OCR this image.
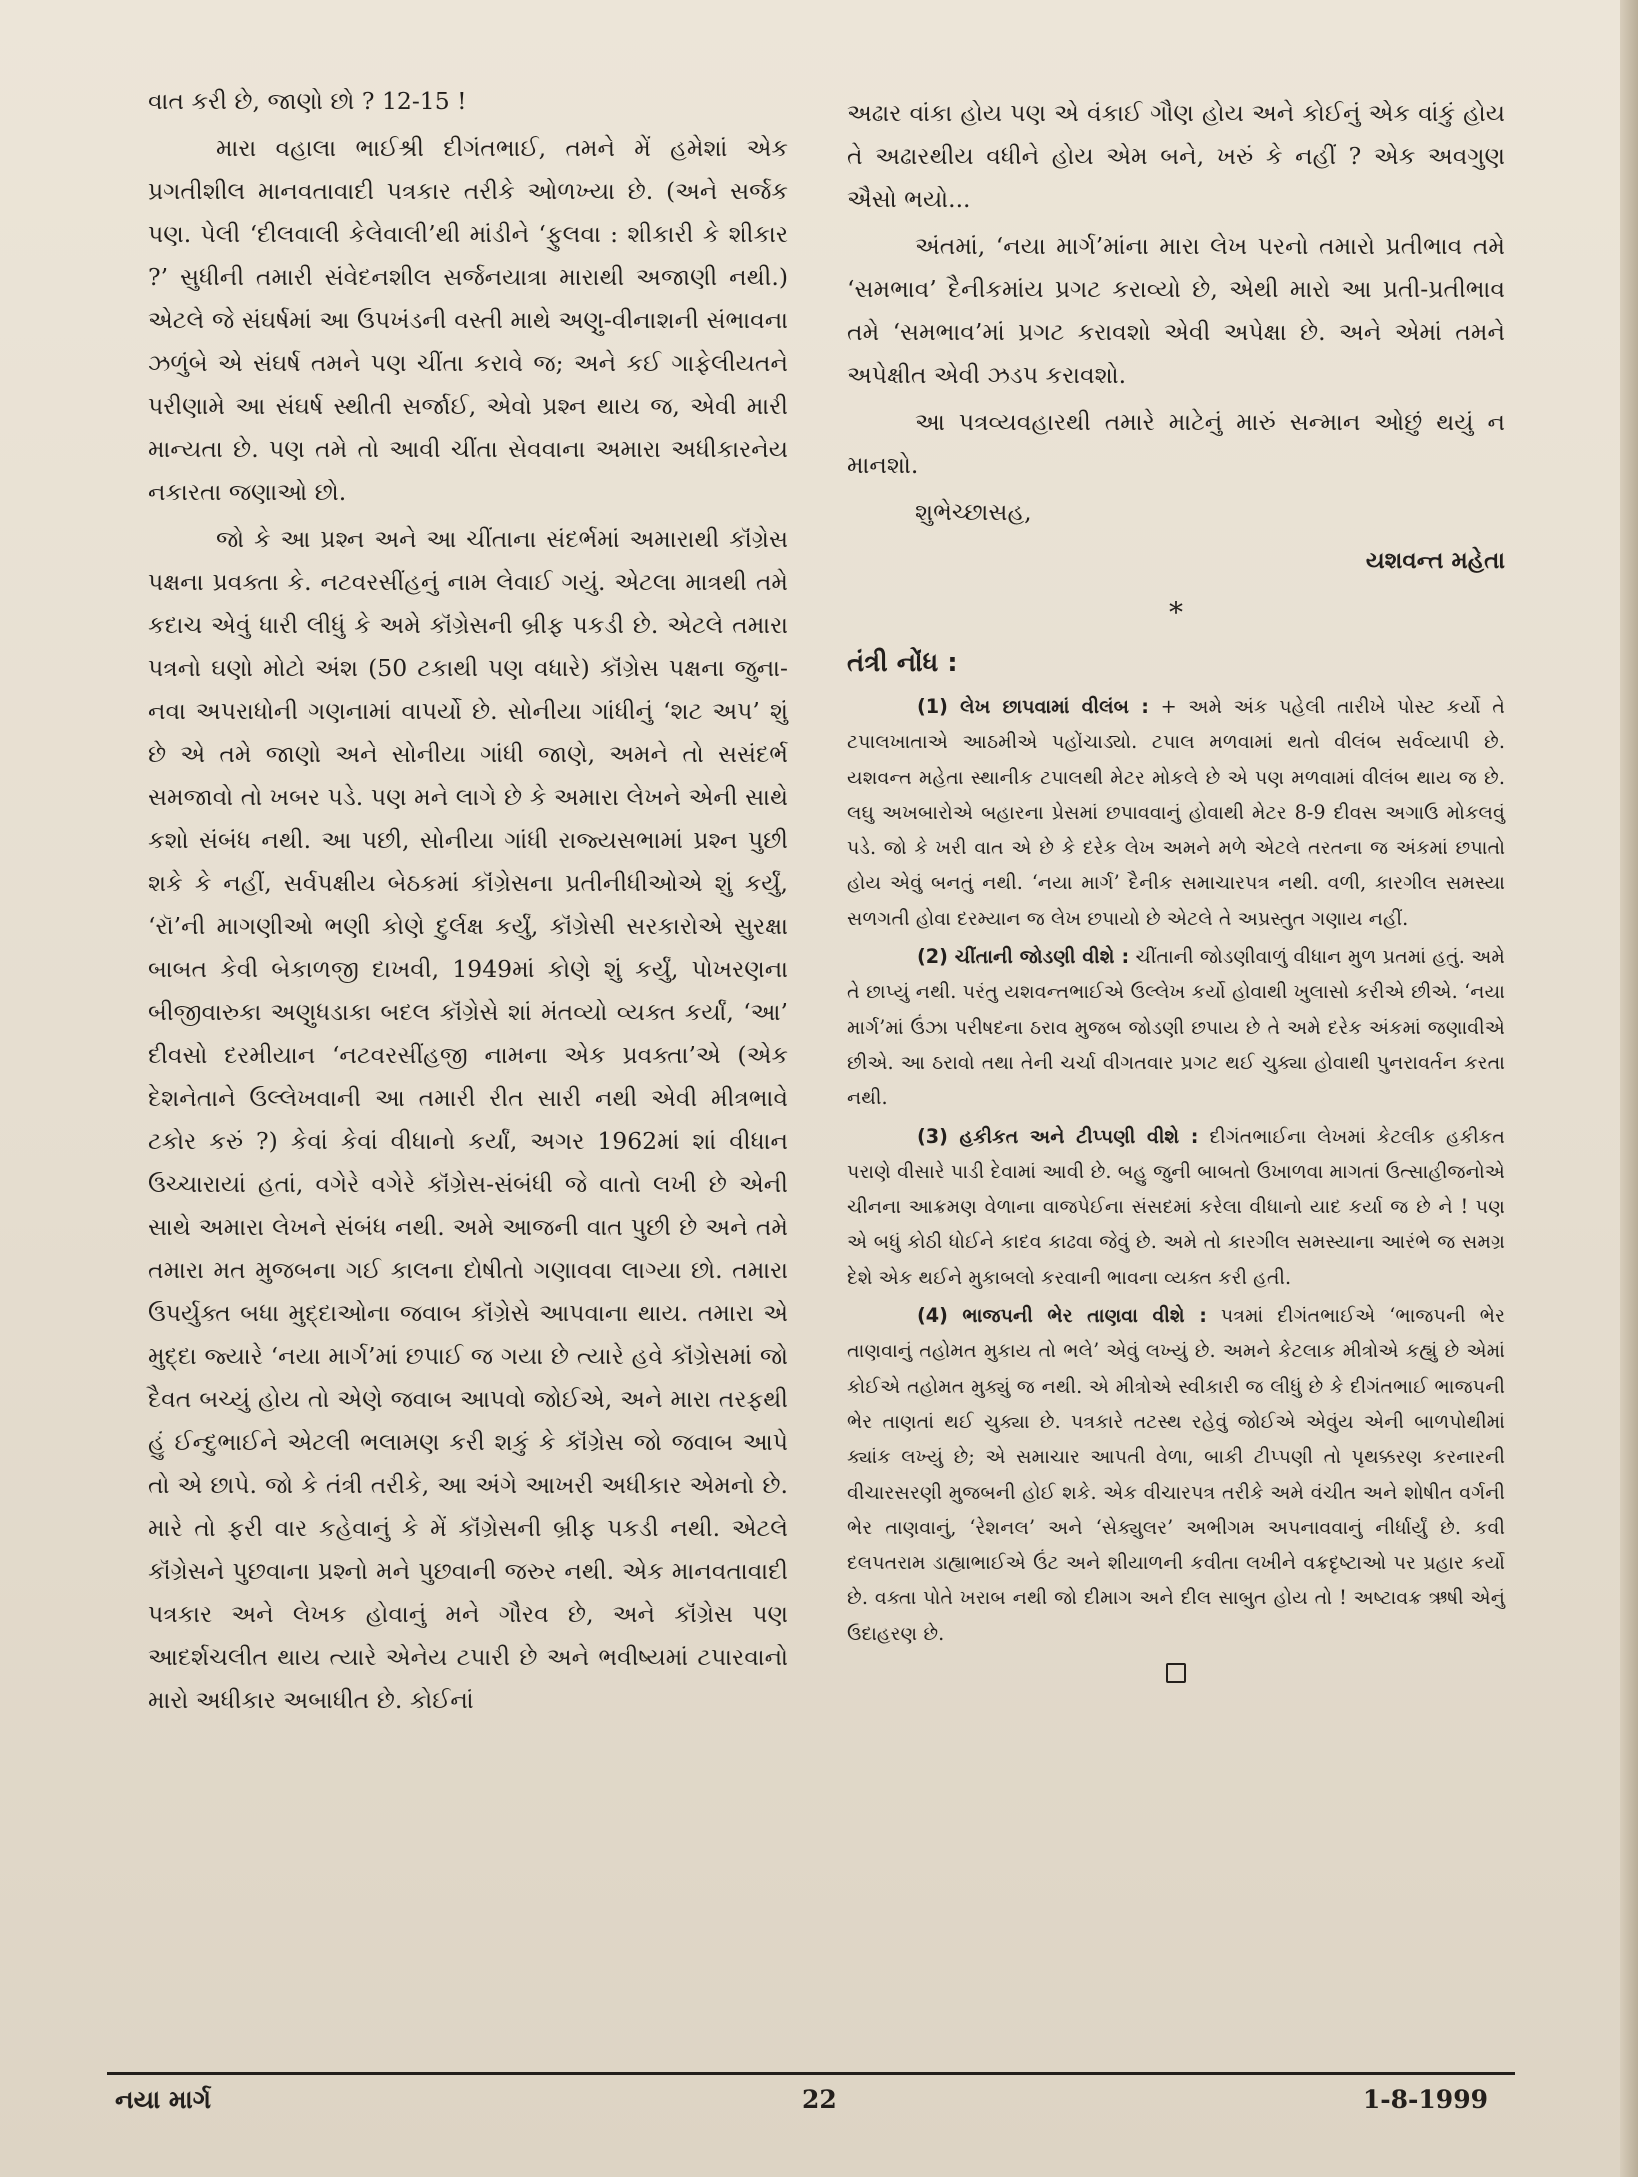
વાત કરી છે, જાણો છો ? 12-15 !

મારા વહાલા ભાઈશ્રી દીગંતભાઈ, તમને મેં હમેશાં એક પ્રગતીશીલ માનવતાવાદી પત્રકાર તરીકે ઓળખ્યા છે. (અને સર્જક પણ. પેલી ‘દીલવાલી કેલેવાલી’થી માંડીને ‘ફુલવા : શીકારી કે શીકાર ?’ સુધીની તમારી સંવેદનશીલ સર્જનયાત્રા મારાથી અજાણી નથી.) એટલે જે સંઘર્ષમાં આ ઉપખંડની વસ્તી માથે અણુ-વીનાશની સંભાવના ઝળુંબે એ સંઘર્ષ તમને પણ ચીંતા કરાવે જ; અને કઈ ગાફેલીયતને પરીણામે આ સંઘર્ષ સ્થીતી સર્જાઈ, એવો પ્રશ્ન થાય જ, એવી મારી માન્યતા છે. પણ તમે તો આવી ચીંતા સેવવાના અમારા અધીકારનેય નકારતા જણાઓ છો.

જો કે આ પ્રશ્ન અને આ ચીંતાના સંદર્ભમાં અમારાથી કૉંગ્રેસ પક્ષના પ્રવક્તા કે. નટવરસીંહનું નામ લેવાઈ ગયું. એટલા માત્રથી તમે કદાચ એવું ધારી લીધું કે અમે કૉંગ્રેસની બ્રીફ પકડી છે. એટલે તમારા પત્રનો ઘણો મોટો અંશ (50 ટકાથી પણ વધારે) કૉંગ્રેસ પક્ષના જુના-નવા અપરાધોની ગણનામાં વાપર્યો છે. સોનીયા ગાંધીનું ‘શટ અપ’ શું છે એ તમે જાણો અને સોનીયા ગાંધી જાણે, અમને તો સસંદર્ભ સમજાવો તો ખબર પડે. પણ મને લાગે છે કે અમારા લેખને એની સાથે કશો સંબંધ નથી. આ પછી, સોનીયા ગાંધી રાજ્યસભામાં પ્રશ્ન પુછી શકે કે નહીં, સર્વપક્ષીય બેઠકમાં કૉંગ્રેસના પ્રતીનીધીઓએ શું કર્યું, ‘રૉ’ની માગણીઓ ભણી કોણે દુર્લક્ષ કર્યું, કૉંગ્રેસી સરકારોએ સુરક્ષા બાબત કેવી બેકાળજી દાખવી, 1949માં કોણે શું કર્યું, પોખરણના બીજીવારુકા અણુધડાકા બદલ કૉંગ્રેસે શાં મંતવ્યો વ્યક્ત કર્યાં, ‘આ’ દીવસો દરમીયાન ‘નટવરસીંહજી નામના એક પ્રવક્તા’એ (એક દેશનેતાને ઉલ્લેખવાની આ તમારી રીત સારી નથી એવી મીત્રભાવે ટકોર કરું ?) કેવાં કેવાં વીધાનો કર્યાં, અગર 1962માં શાં વીધાન ઉચ્ચારાયાં હતાં, વગેરે વગેરે કૉંગ્રેસ-સંબંધી જે વાતો લખી છે એની સાથે અમારા લેખને સંબંધ નથી. અમે આજની વાત પુછી છે અને તમે તમારા મત મુજબના ગઈ કાલના દોષીતો ગણાવવા લાગ્યા છો. તમારા ઉપર્યુક્ત બધા મુદ્દાઓના જવાબ કૉંગ્રેસે આપવાના થાય. તમારા એ મુદ્દા જ્યારે ‘નયા માર્ગ’માં છપાઈ જ ગયા છે ત્યારે હવે કૉંગ્રેસમાં જો દૈવત બચ્યું હોય તો એણે જવાબ આપવો જોઈએ, અને મારા તરફથી હું ઈન્દુભાઈને એટલી ભલામણ કરી શકું કે કૉંગ્રેસ જો જવાબ આપે તો એ છાપે. જો કે તંત્રી તરીકે, આ અંગે આખરી અધીકાર એમનો છે. મારે તો ફરી વાર કહેવાનું કે મેં કૉંગ્રેસની બ્રીફ પકડી નથી. એટલે કૉંગ્રેસને પુછવાના પ્રશ્નો મને પુછવાની જરુર નથી. એક માનવતાવાદી પત્રકાર અને લેખક હોવાનું મને ગૌરવ છે, અને કૉંગ્રેસ પણ આદર્શચલીત થાય ત્યારે એનેય ટપારી છે અને ભવીષ્યમાં ટપારવાનો મારો અધીકાર અબાધીત છે. કોઈનાં

અઢાર વાંકા હોય પણ એ વંકાઈ ગૌણ હોય અને કોઈનું એક વાંકું હોય તે અઢારથીય વધીને હોય એમ બને, ખરું કે નહીં ? એક અવગુણ ઐસો ભયો...

અંતમાં, ‘નયા માર્ગ’માંના મારા લેખ પરનો તમારો પ્રતીભાવ તમે ‘સમભાવ’ દૈનીકમાંય પ્રગટ કરાવ્યો છે, એથી મારો આ પ્રતી-પ્રતીભાવ તમે ‘સમભાવ’માં પ્રગટ કરાવશો એવી અપેક્ષા છે. અને એમાં તમને અપેક્ષીત એવી ઝડપ કરાવશો.

આ પત્રવ્યવહારથી તમારે માટેનું મારું સન્માન ઓછું થયું ન માનશો.

શુભેચ્છાસહ,

યશવન્ત મહેતા
*
તંત્રી નોંધ :

(1) લેખ છાપવામાં વીલંબ : + અમે અંક પહેલી તારીખે પોસ્ટ કર્યો તે ટપાલખાતાએ આઠમીએ પહોંચાડ્યો. ટપાલ મળવામાં થતો વીલંબ સર્વવ્યાપી છે. યશવન્ત મહેતા સ્થાનીક ટપાલથી મેટર મોકલે છે એ પણ મળવામાં વીલંબ થાય જ છે. લઘુ અખબારોએ બહારના પ્રેસમાં છપાવવાનું હોવાથી મેટર 8-9 દીવસ અગાઉ મોકલવું પડે. જો કે ખરી વાત એ છે કે દરેક લેખ અમને મળે એટલે તરતના જ અંકમાં છપાતો હોય એવું બનતું નથી. ‘નયા માર્ગ’ દૈનીક સમાચારપત્ર નથી. વળી, કારગીલ સમસ્યા સળગતી હોવા દરમ્યાન જ લેખ છપાયો છે એટલે તે અપ્રસ્તુત ગણાય નહીં.

(2) ચીંતાની જોડણી વીશે : ચીંતાની જોડણીવાળું વીધાન મુળ પ્રતમાં હતું. અમે તે છાપ્યું નથી. પરંતુ યશવન્તભાઈએ ઉલ્લેખ કર્યો હોવાથી ખુલાસો કરીએ છીએ. ‘નયા માર્ગ’માં ઉંઝા પરીષદના ઠરાવ મુજબ જોડણી છપાય છે તે અમે દરેક અંકમાં જણાવીએ છીએ. આ ઠરાવો તથા તેની ચર્ચા વીગતવાર પ્રગટ થઈ ચુક્યા હોવાથી પુનરાવર્તન કરતા નથી.

(3) હકીકત અને ટીપ્પણી વીશે : દીગંતભાઈના લેખમાં કેટલીક હકીકત પરાણે વીસારે પાડી દેવામાં આવી છે. બહુ જુની બાબતો ઉખાળવા માગતાં ઉત્સાહીજનોએ ચીનના આક્રમણ વેળાના વાજપેઈના સંસદમાં કરેલા વીધાનો યાદ કર્યા જ છે ને ! પણ એ બધું કોઠી ધોઈને કાદવ કાઢવા જેવું છે. અમે તો કારગીલ સમસ્યાના આરંભે જ સમગ્ર દેશે એક થઈને મુકાબલો કરવાની ભાવના વ્યક્ત કરી હતી.

(4) ભાજપની ભેર તાણવા વીશે : પત્રમાં દીગંતભાઈએ ‘ભાજપની ભેર તાણવાનું તહોમત મુકાય તો ભલે’ એવું લખ્યું છે. અમને કેટલાક મીત્રોએ કહ્યું છે એમાં કોઈએ તહોમત મુક્યું જ નથી. એ મીત્રોએ સ્વીકારી જ લીધું છે કે દીગંતભાઈ ભાજપની ભેર તાણતાં થઈ ચુક્યા છે. પત્રકારે તટસ્થ રહેવું જોઈએ એવુંય એની બાળપોથીમાં ક્યાંક લખ્યું છે; એ સમાચાર આપતી વેળા, બાકી ટીપ્પણી તો પૃથક્કરણ કરનારની વીચારસરણી મુજબની હોઈ શકે. એક વીચારપત્ર તરીકે અમે વંચીત અને શોષીત વર્ગની ભેર તાણવાનું, ‘રેશનલ’ અને ‘સેક્યુલર’ અભીગમ અપનાવવાનું નીર્ધાર્યું છે. કવી દલપતરામ ડાહ્યાભાઈએ ઉંટ અને શીયાળની કવીતા લખીને વક્રદૃષ્ટાઓ પર પ્રહાર કર્યો છે. વક્તા પોતે ખરાબ નથી જો દીમાગ અને દીલ સાબુત હોય તો ! અષ્ટાવક્ર ઋષી એનું ઉદાહરણ છે.

નયા માર્ગ	22	1-8-1999
